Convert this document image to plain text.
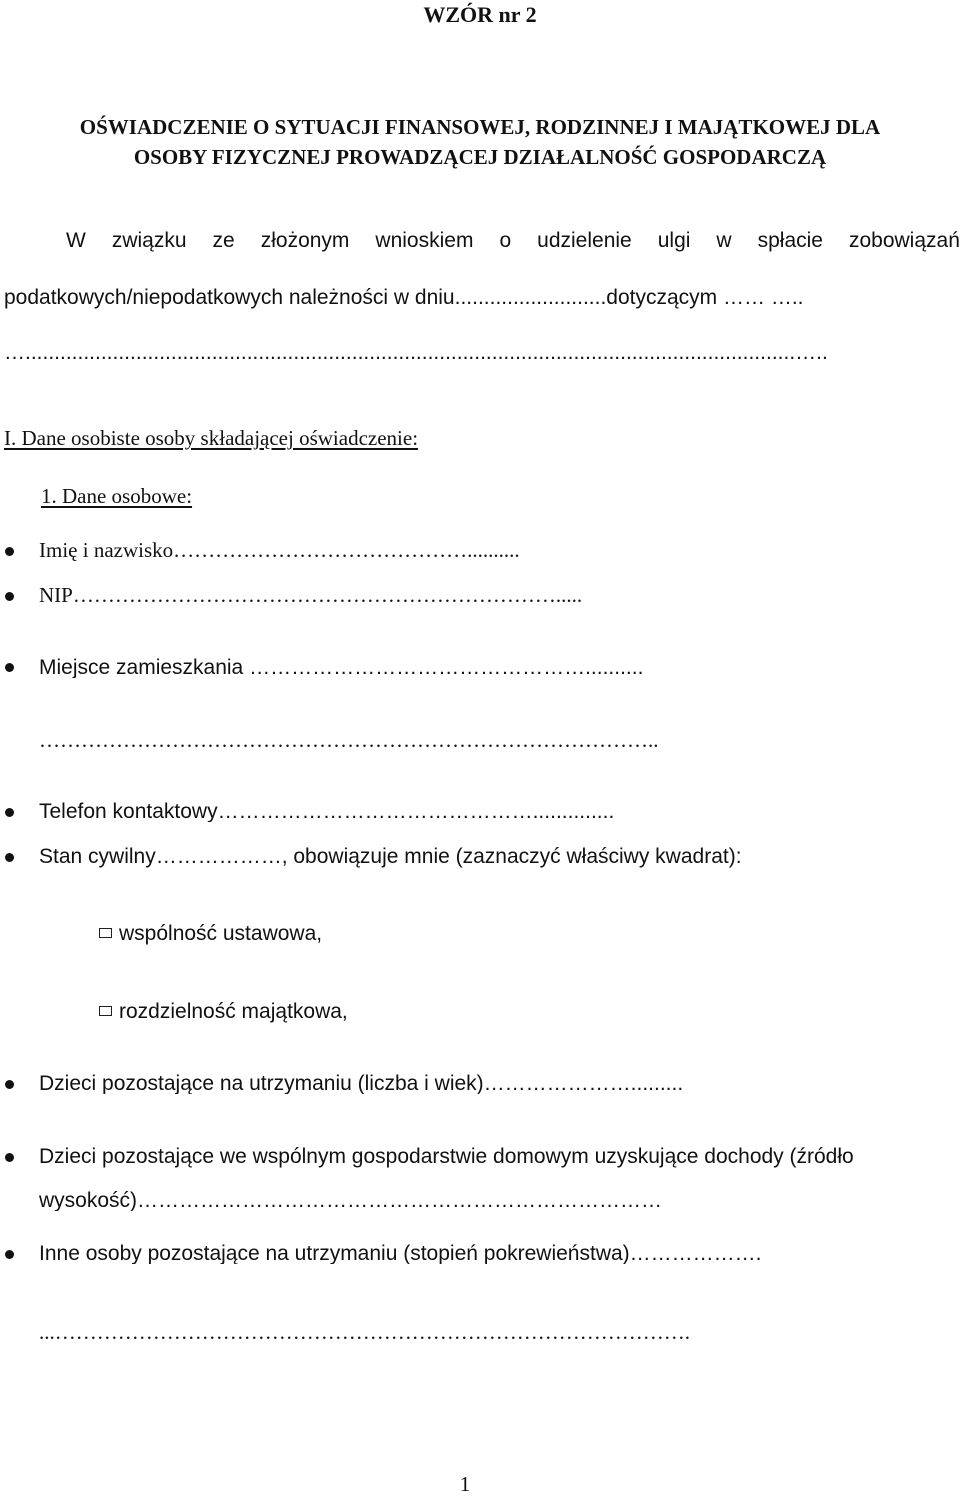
WZÓR nr 2
OŚWIADCZENIE O SYTUACJI FINANSOWEJ, RODZINNEJ I MAJĄTKOWEJ DLA
OSOBY FIZYCZNEJ PROWADZĄCEJ DZIAŁALNOŚĆ GOSPODARCZĄ
W związku ze złożonym wnioskiem o udzielenie ulgi w spłacie zobowiązań
podatkowych/niepodatkowych należności w dniu..........................dotyczącym …… …..
…....................................................................................................................................…..
I. Dane osobiste osoby składającej oświadczenie:
1. Dane osobowe:
Imię i nazwisko……………………………………..........
NIP…………………………………………………………….....
Miejsce zamieszkania …………………………………………..........
……………………………………………………………………………..
Telefon kontaktowy………………………………………..............
Stan cywilny………………, obowiązuje mnie (zaznaczyć właściwy kwadrat):
wspólność ustawowa,
rozdzielność majątkowa,
Dzieci pozostające na utrzymaniu (liczba i wiek)………………….........
Dzieci pozostające we wspólnym gospodarstwie domowym uzyskujące dochody (źródło
wysokość)…………………………………………………………………
Inne osoby pozostające na utrzymaniu (stopień pokrewieństwa)……………….
...……………………………………………………………………………….
1
